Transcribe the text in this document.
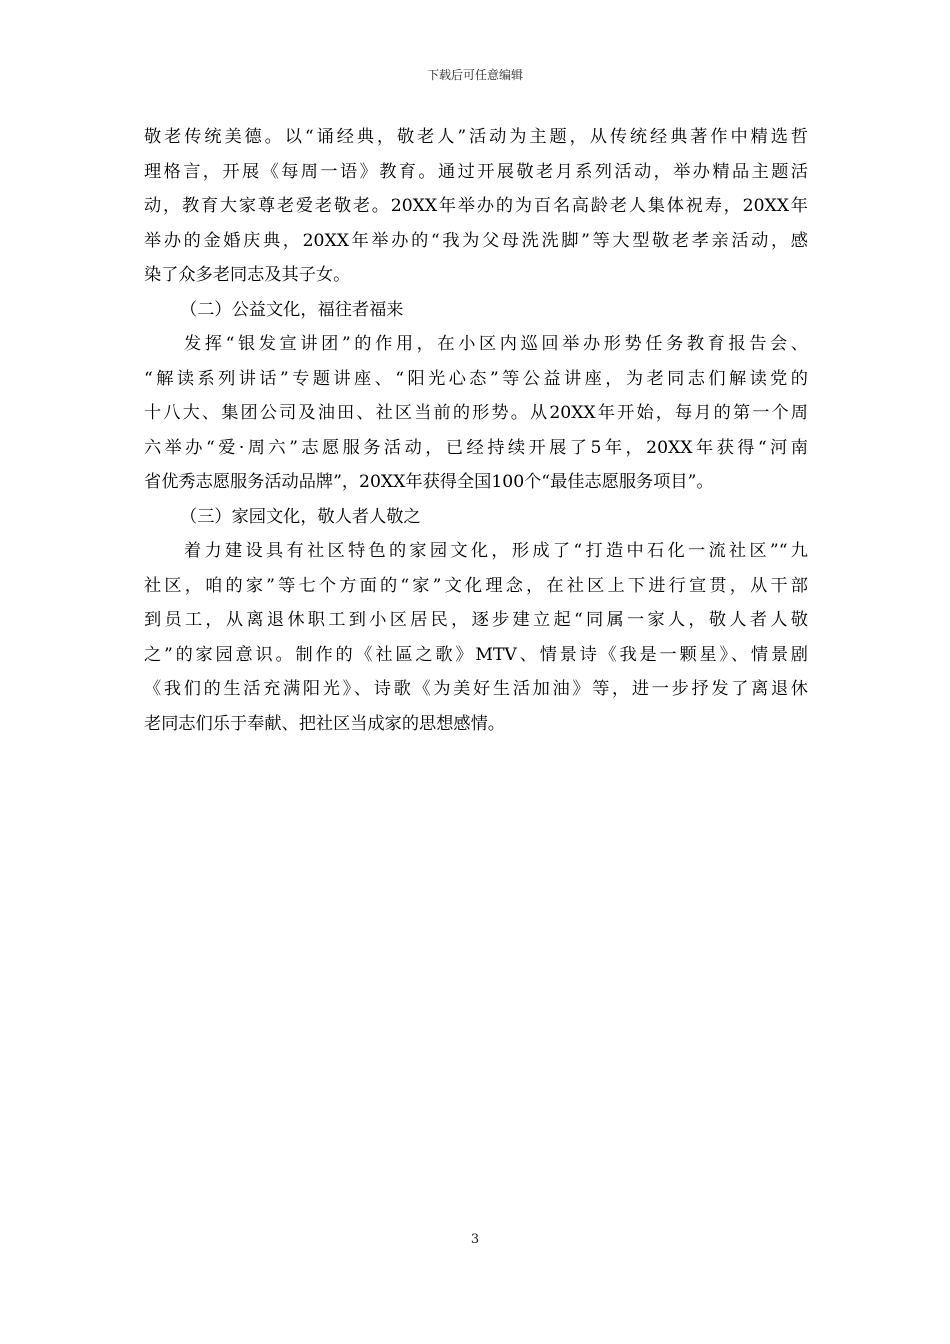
下载后可任意编辑
敬老传统美德。以“诵经典，敬老人”活动为主题，从传统经典著作中精选哲
理格言，开展《每周一语》教育。通过开展敬老月系列活动，举办精品主题活
动，教育大家尊老爱老敬老。20XX年举办的为百名高龄老人集体祝寿，20XX年
举办的金婚庆典，20XX年举办的“我为父母洗洗脚”等大型敬老孝亲活动，感
染了众多老同志及其子女。
（二）公益文化，福往者福来
发挥“银发宣讲团”的作用，在小区内巡回举办形势任务教育报告会、
“解读系列讲话”专题讲座、“阳光心态”等公益讲座，为老同志们解读党的
十八大、集团公司及油田、社区当前的形势。从20XX年开始，每月的第一个周
六举办“爱·周六”志愿服务活动，已经持续开展了5年，20XX年获得“河南
省优秀志愿服务活动品牌”，20XX年获得全国100个“最佳志愿服务项目”。
（三）家园文化，敬人者人敬之
着力建设具有社区特色的家园文化，形成了“打造中石化一流社区”“九
社区，咱的家”等七个方面的“家”文化理念，在社区上下进行宣贯，从干部
到员工，从离退休职工到小区居民，逐步建立起“同属一家人，敬人者人敬
之”的家园意识。制作的《社區之歌》MTV、情景诗《我是一颗星》、情景剧
《我们的生活充满阳光》、诗歌《为美好生活加油》等，进一步抒发了离退休
老同志们乐于奉献、把社区当成家的思想感情。
3
